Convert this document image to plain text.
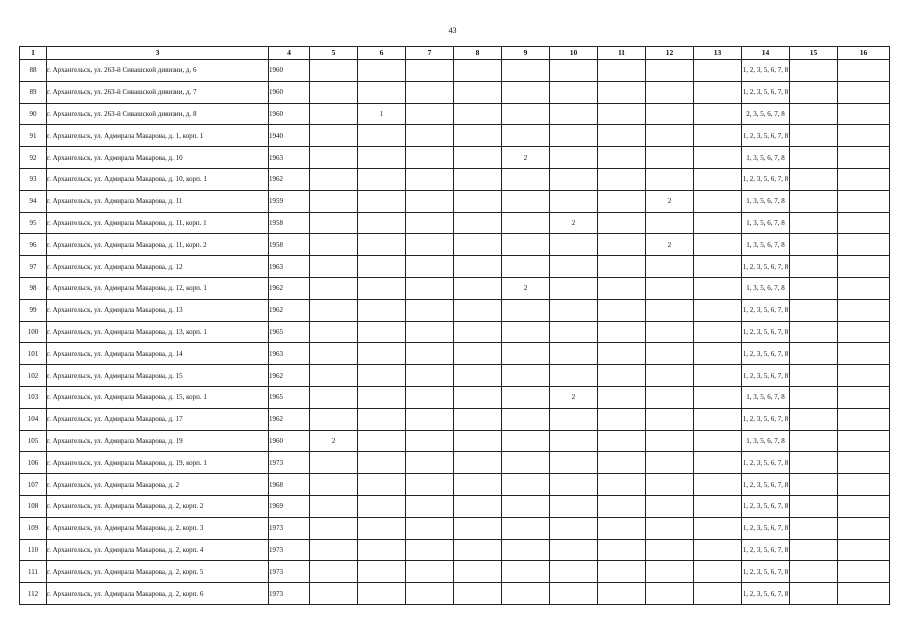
43
1	3	4	5	6	7	8	9	10	11	12	13	14	15	16
88	г. Архангельск, ул. 263-й Сивашской дивизии, д. 6	1960										1, 2, 3, 5, 6, 7, 8		
89	г. Архангельск, ул. 263-й Сивашской дивизии, д. 7	1960										1, 2, 3, 5, 6, 7, 8		
90	г. Архангельск, ул. 263-й Сивашской дивизии, д. 8	1960		1								2, 3, 5, 6, 7, 8		
91	г. Архангельск, ул. Адмирала Макарова, д. 1, корп. 1	1940										1, 2, 3, 5, 6, 7, 8		
92	г. Архангельск, ул. Адмирала Макарова, д. 10	1963					2					1, 3, 5, 6, 7, 8		
93	г. Архангельск, ул. Адмирала Макарова, д. 10, корп. 1	1962										1, 2, 3, 5, 6, 7, 8		
94	г. Архангельск, ул. Адмирала Макарова, д. 11	1959								2		1, 3, 5, 6, 7, 8		
95	г. Архангельск, ул. Адмирала Макарова, д. 11, корп. 1	1958						2				1, 3, 5, 6, 7, 8		
96	г. Архангельск, ул. Адмирала Макарова, д. 11, корп. 2	1958								2		1, 3, 5, 6, 7, 8		
97	г. Архангельск, ул. Адмирала Макарова, д. 12	1963										1, 2, 3, 5, 6, 7, 8		
98	г. Архангельск, ул. Адмирала Макарова, д. 12, корп. 1	1962					2					1, 3, 5, 6, 7, 8		
99	г. Архангельск, ул. Адмирала Макарова, д. 13	1962										1, 2, 3, 5, 6, 7, 8		
100	г. Архангельск, ул. Адмирала Макарова, д. 13, корп. 1	1965										1, 2, 3, 5, 6, 7, 8		
101	г. Архангельск, ул. Адмирала Макарова, д. 14	1963										1, 2, 3, 5, 6, 7, 8		
102	г. Архангельск, ул. Адмирала Макарова, д. 15	1962										1, 2, 3, 5, 6, 7, 8		
103	г. Архангельск, ул. Адмирала Макарова, д. 15, корп. 1	1965						2				1, 3, 5, 6, 7, 8		
104	г. Архангельск, ул. Адмирала Макарова, д. 17	1962										1, 2, 3, 5, 6, 7, 8		
105	г. Архангельск, ул. Адмирала Макарова, д. 19	1960	2									1, 3, 5, 6, 7, 8		
106	г. Архангельск, ул. Адмирала Макарова, д. 19, корп. 1	1973										1, 2, 3, 5, 6, 7, 8		
107	г. Архангельск, ул. Адмирала Макарова, д. 2	1968										1, 2, 3, 5, 6, 7, 8		
108	г. Архангельск, ул. Адмирала Макарова, д. 2, корп. 2	1969										1, 2, 3, 5, 6, 7, 8		
109	г. Архангельск, ул. Адмирала Макарова, д. 2, корп. 3	1973										1, 2, 3, 5, 6, 7, 8		
110	г. Архангельск, ул. Адмирала Макарова, д. 2, корп. 4	1973										1, 2, 3, 5, 6, 7, 8		
111	г. Архангельск, ул. Адмирала Макарова, д. 2, корп. 5	1973										1, 2, 3, 5, 6, 7, 8		
112	г. Архангельск, ул. Адмирала Макарова, д. 2, корп. 6	1973										1, 2, 3, 5, 6, 7, 8		
